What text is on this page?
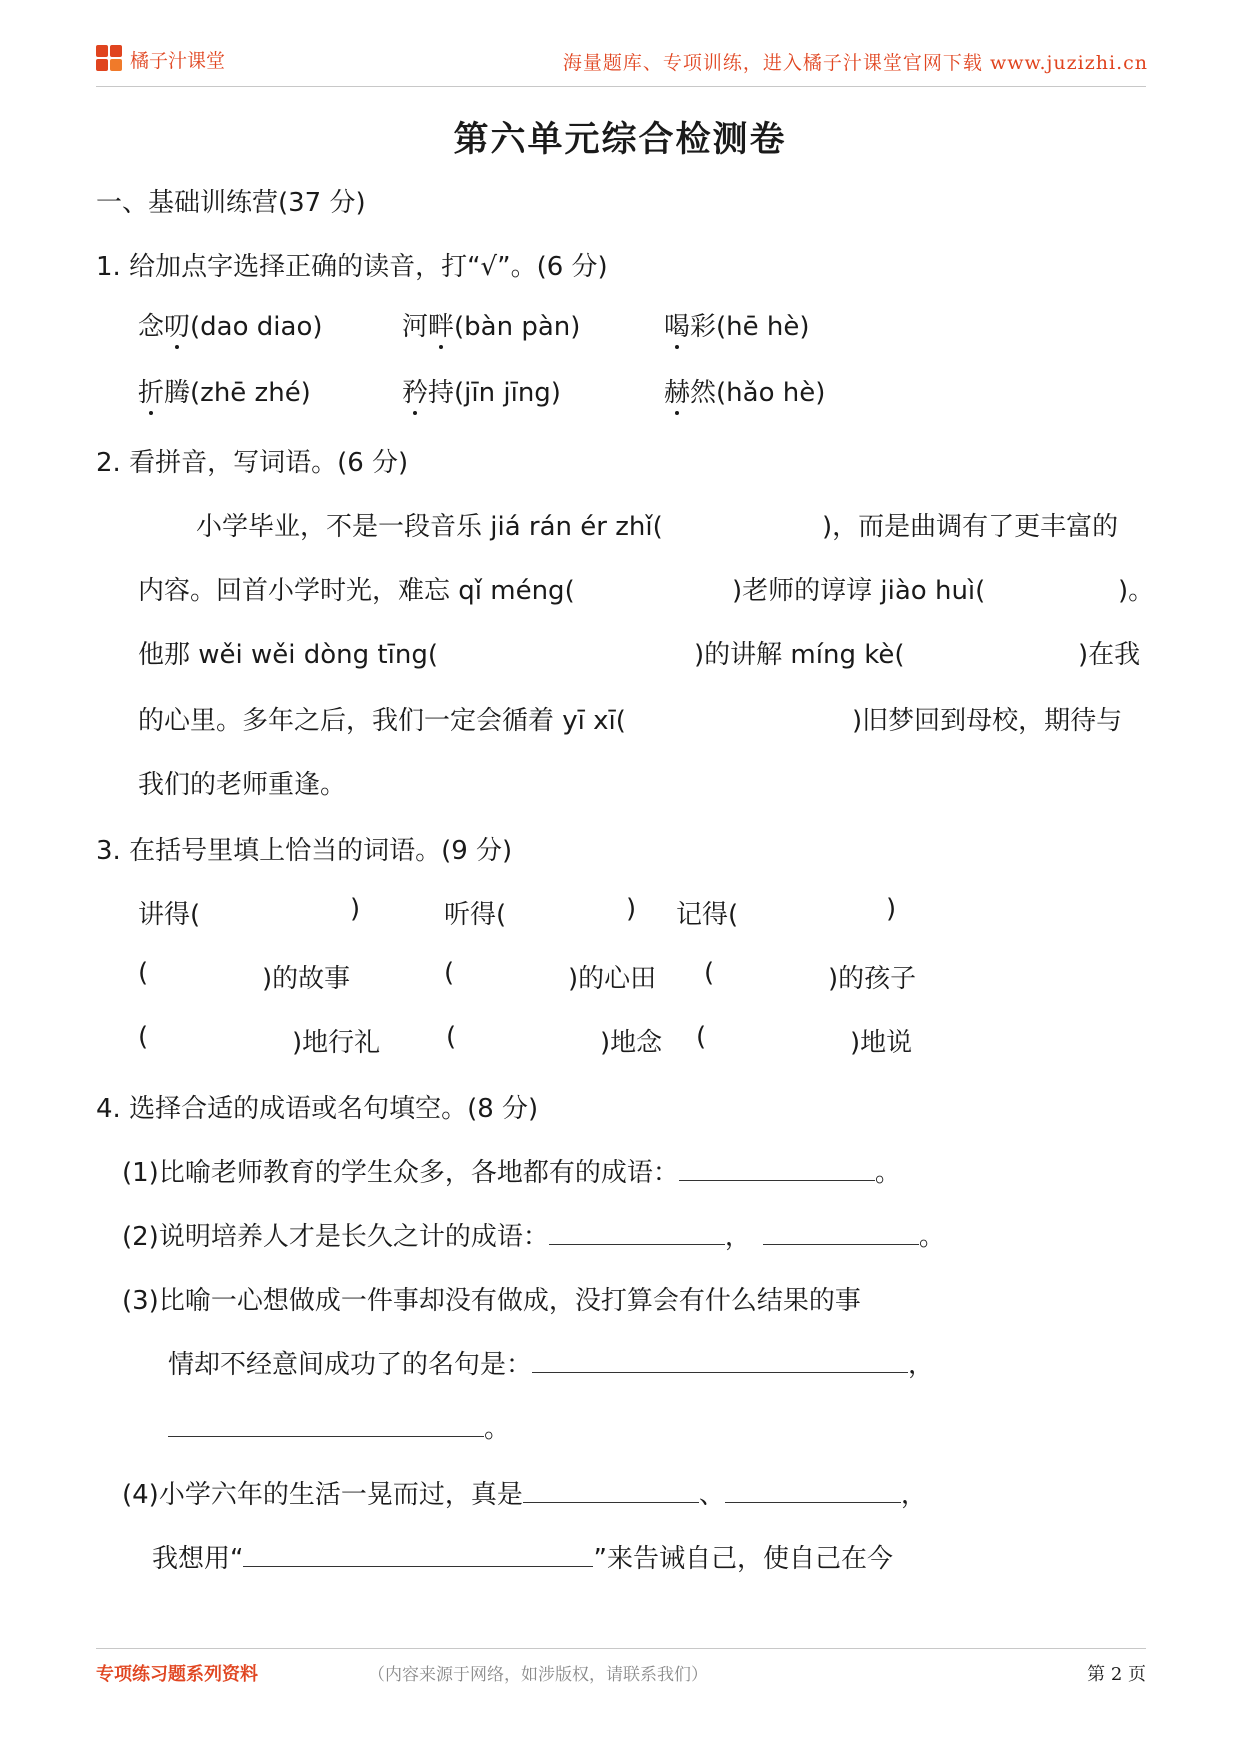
橘子汁课堂	海量题库、专项训练，进入橘子汁课堂官网下载 www.juzizhi.cn
第六单元综合检测卷
一、基础训练营(37 分)
1. 给加点字选择正确的读音，打“√”。(6 分)
念叨(dao diao)	河畔(bàn pàn)	喝彩(hē hè)
折腾(zhē zhé)	矜持(jīn jīng)	赫然(hǎo hè)
2. 看拼音，写词语。(6 分)
小学毕业，不是一段音乐 jiá rán ér zhǐ(	)，而是曲调有了更丰富的
内容。回首小学时光，难忘 qǐ méng(	)老师的谆谆 jiào huì(	)。
他那 wěi wěi dòng tīng(	)的讲解 míng kè(	)在我
的心里。多年之后，我们一定会循着 yī xī(	)旧梦回到母校，期待与
我们的老师重逢。
3. 在括号里填上恰当的词语。(9 分)
讲得(	)	听得(	) 记得(	)
(	)的故事	(	)的心田 (	)的孩子
(	)地行礼	(	)地念 (	)地说
4. 选择合适的成语或名句填空。(8 分)
(1)比喻老师教育的学生众多，各地都有的成语：	。
(2)说明培养人才是长久之计的成语：	，	。
(3)比喻一心想做成一件事却没有做成，没打算会有什么结果的事
情却不经意间成功了的名句是：	，
。
(4)小学六年的生活一晃而过，真是	、	，
我想用“	”来告诫自己，使自己在今
专项练习题系列资料	（内容来源于网络，如涉版权，请联系我们）	第 2 页
